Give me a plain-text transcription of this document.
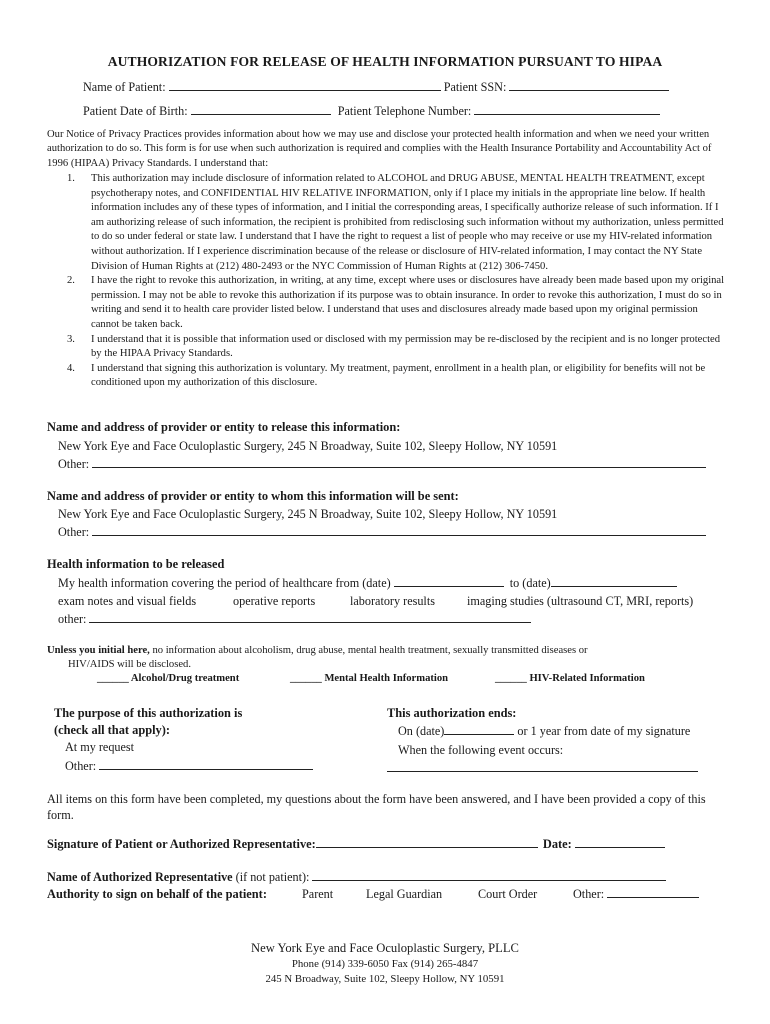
AUTHORIZATION FOR RELEASE OF HEALTH INFORMATION PURSUANT TO HIPAA
Name of Patient:	Patient SSN:
Patient Date of Birth:	Patient Telephone Number:
Our Notice of Privacy Practices provides information about how we may use and disclose your protected health information and when we need your written authorization to do so. This form is for use when such authorization is required and complies with the Health Insurance Portability and Accountability Act of 1996 (HIPAA) Privacy Standards. I understand that:
1. This authorization may include disclosure of information related to ALCOHOL and DRUG ABUSE, MENTAL HEALTH TREATMENT, except psychotherapy notes, and CONFIDENTIAL HIV RELATIVE INFORMATION, only if I place my initials in the appropriate line below. If health information includes any of these types of information, and I initial the corresponding areas, I specifically authorize release of such information. If I am authorizing release of such information, the recipient is prohibited from redisclosing such information without my authorization, unless permitted to do so under federal or state law. I understand that I have the right to request a list of people who may receive or use my HIV-related information without authorization. If I experience discrimination because of the release or disclosure of HIV-related information, I may contact the NY State Division of Human Rights at (212) 480-2493 or the NYC Commission of Human Rights at (212) 306-7450.
2. I have the right to revoke this authorization, in writing, at any time, except where uses or disclosures have already been made based upon my original permission. I may not be able to revoke this authorization if its purpose was to obtain insurance. In order to revoke this authorization, I must do so in writing and send it to health care provider listed below. I understand that uses and disclosures already made based upon my original permission cannot be taken back.
3. I understand that it is possible that information used or disclosed with my permission may be re-disclosed by the recipient and is no longer protected by the HIPAA Privacy Standards.
4. I understand that signing this authorization is voluntary. My treatment, payment, enrollment in a health plan, or eligibility for benefits will not be conditioned upon my authorization of this disclosure.
Name and address of provider or entity to release this information:
New York Eye and Face Oculoplastic Surgery, 245 N Broadway, Suite 102, Sleepy Hollow, NY 10591
Other:
Name and address of provider or entity to whom this information will be sent:
New York Eye and Face Oculoplastic Surgery, 245 N Broadway, Suite 102, Sleepy Hollow, NY 10591
Other:
Health information to be released
My health information covering the period of healthcare from (date)	to (date)
exam notes and visual fields	operative reports	laboratory results	imaging studies (ultrasound CT, MRI, reports)
other:
Unless you initial here, no information about alcoholism, drug abuse, mental health treatment, sexually transmitted diseases or
HIV/AIDS will be disclosed.
______ Alcohol/Drug treatment	______ Mental Health Information	______ HIV-Related Information
The purpose of this authorization is
(check all that apply):
At my request
Other:
This authorization ends:
On (date)	or 1 year from date of my signature
When the following event occurs:
All items on this form have been completed, my questions about the form have been answered, and I have been provided a copy of this form.
Signature of Patient or Authorized Representative:	Date:
Name of Authorized Representative (if not patient):
Authority to sign on behalf of the patient:	Parent	Legal Guardian	Court Order	Other:
New York Eye and Face Oculoplastic Surgery, PLLC
Phone (914) 339-6050 Fax (914) 265-4847
245 N Broadway, Suite 102, Sleepy Hollow, NY 10591
